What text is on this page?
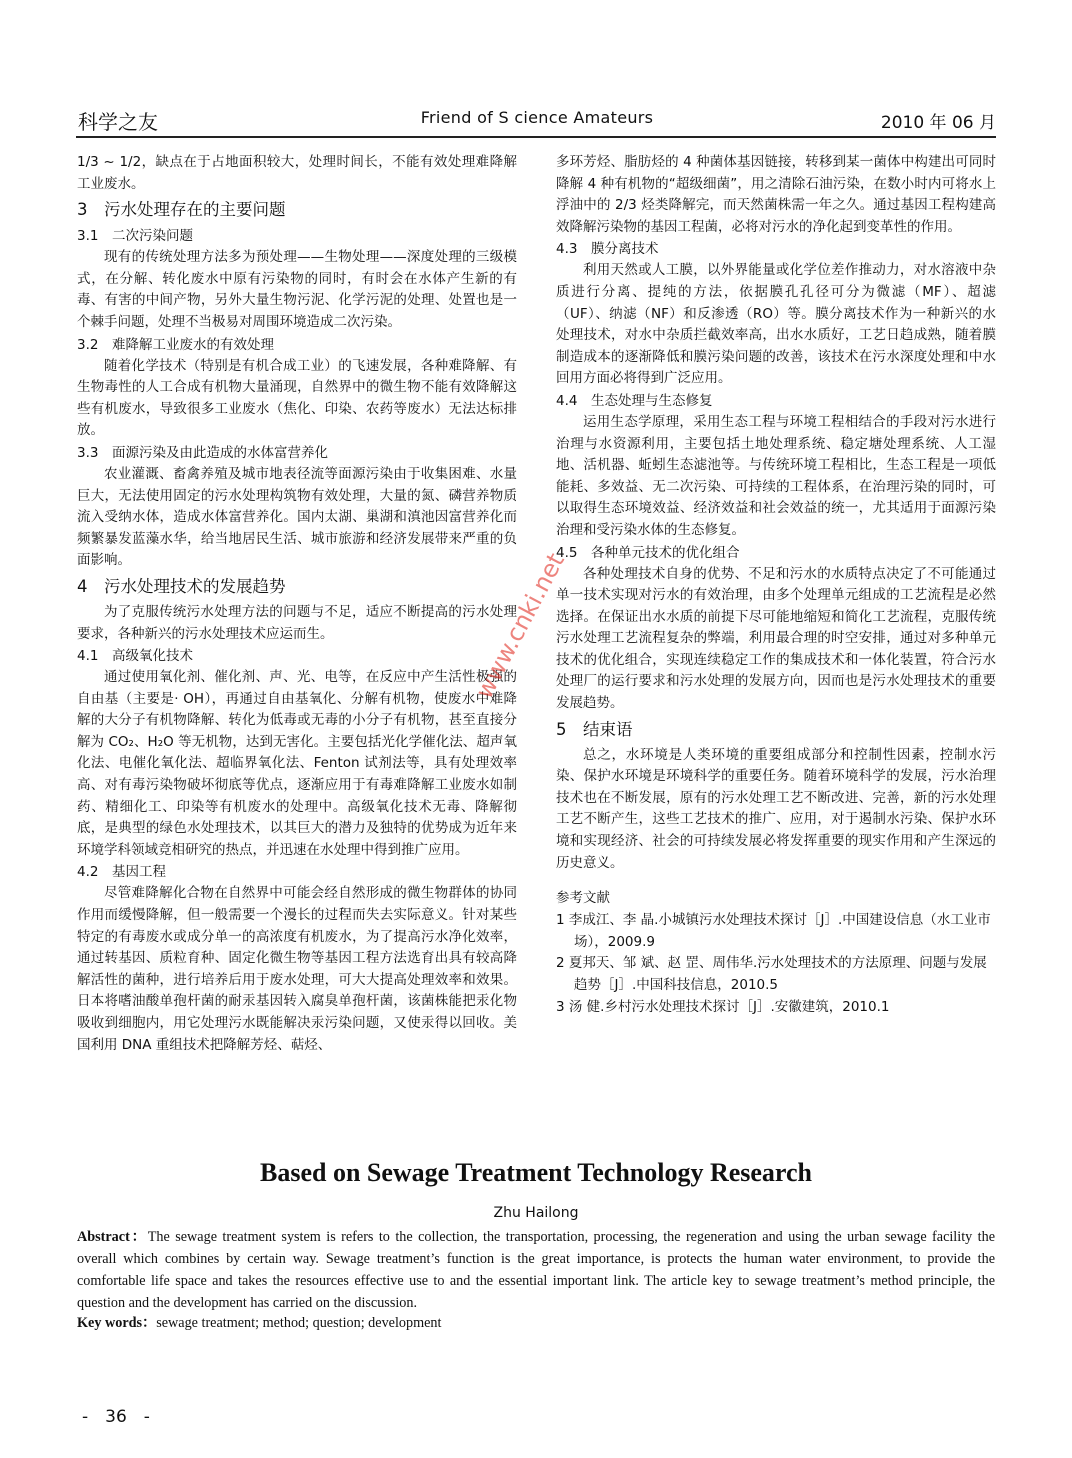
科学之友	Friend of S cience Amateurs	2010 年 06 月

1/3 ~ 1/2，缺点在于占地面积较大，处理时间长，不能有效处理难降解工业废水。

3　污水处理存在的主要问题
3.1　二次污染问题

现有的传统处理方法多为预处理——生物处理——深度处理的三级模式，在分解、转化废水中原有污染物的同时，有时会在水体产生新的有毒、有害的中间产物，另外大量生物污泥、化学污泥的处理、处置也是一个棘手问题，处理不当极易对周围环境造成二次污染。

3.2　难降解工业废水的有效处理

随着化学技术（特别是有机合成工业）的飞速发展，各种难降解、有生物毒性的人工合成有机物大量涌现，自然界中的微生物不能有效降解这些有机废水，导致很多工业废水（焦化、印染、农药等废水）无法达标排放。

3.3　面源污染及由此造成的水体富营养化

农业灌溉、畜禽养殖及城市地表径流等面源污染由于收集困难、水量巨大，无法使用固定的污水处理构筑物有效处理，大量的氮、磷营养物质流入受纳水体，造成水体富营养化。国内太湖、巢湖和滇池因富营养化而频繁暴发蓝藻水华，给当地居民生活、城市旅游和经济发展带来严重的负面影响。

4　污水处理技术的发展趋势

为了克服传统污水处理方法的问题与不足，适应不断提高的污水处理要求，各种新兴的污水处理技术应运而生。

4.1　高级氧化技术

通过使用氧化剂、催化剂、声、光、电等，在反应中产生活性极强的自由基（主要是· OH），再通过自由基氧化、分解有机物，使废水中难降解的大分子有机物降解、转化为低毒或无毒的小分子有机物，甚至直接分解为 CO₂、H₂O 等无机物，达到无害化。主要包括光化学催化法、超声氧化法、电催化氧化法、超临界氧化法、Fenton 试剂法等，具有处理效率高、对有毒污染物破坏彻底等优点，逐渐应用于有毒难降解工业废水如制药、精细化工、印染等有机废水的处理中。高级氧化技术无毒、降解彻底，是典型的绿色水处理技术，以其巨大的潜力及独特的优势成为近年来环境学科领域竞相研究的热点，并迅速在水处理中得到推广应用。

4.2　基因工程

尽管难降解化合物在自然界中可能会经自然形成的微生物群体的协同作用而缓慢降解，但一般需要一个漫长的过程而失去实际意义。针对某些特定的有毒废水或成分单一的高浓度有机废水，为了提高污水净化效率，通过转基因、质粒育种、固定化微生物等基因工程方法选育出具有较高降解活性的菌种，进行培养后用于废水处理，可大大提高处理效率和效果。日本将嗜油酸单孢杆菌的耐汞基因转入腐臭单孢杆菌，该菌株能把汞化物吸收到细胞内，用它处理污水既能解决汞污染问题，又使汞得以回收。美国利用 DNA 重组技术把降解芳烃、萜烃、

多环芳烃、脂肪烃的 4 种菌体基因链接，转移到某一菌体中构建出可同时降解 4 种有机物的“超级细菌”，用之清除石油污染，在数小时内可将水上浮油中的 2/3 烃类降解完，而天然菌株需一年之久。通过基因工程构建高效降解污染物的基因工程菌，必将对污水的净化起到变革性的作用。

4.3　膜分离技术

利用天然或人工膜，以外界能量或化学位差作推动力，对水溶液中杂质进行分离、提纯的方法，依据膜孔孔径可分为微滤（MF）、超滤（UF）、纳滤（NF）和反渗透（RO）等。膜分离技术作为一种新兴的水处理技术，对水中杂质拦截效率高，出水水质好，工艺日趋成熟，随着膜制造成本的逐渐降低和膜污染问题的改善，该技术在污水深度处理和中水回用方面必将得到广泛应用。

4.4　生态处理与生态修复

运用生态学原理，采用生态工程与环境工程相结合的手段对污水进行治理与水资源利用，主要包括土地处理系统、稳定塘处理系统、人工湿地、活机器、蚯蚓生态滤池等。与传统环境工程相比，生态工程是一项低能耗、多效益、无二次污染、可持续的工程体系，在治理污染的同时，可以取得生态环境效益、经济效益和社会效益的统一，尤其适用于面源污染治理和受污染水体的生态修复。

4.5　各种单元技术的优化组合

各种处理技术自身的优势、不足和污水的水质特点决定了不可能通过单一技术实现对污水的有效治理，由多个处理单元组成的工艺流程是必然选择。在保证出水水质的前提下尽可能地缩短和简化工艺流程，克服传统污水处理工艺流程复杂的弊端，利用最合理的时空安排，通过对多种单元技术的优化组合，实现连续稳定工作的集成技术和一体化装置，符合污水处理厂的运行要求和污水处理的发展方向，因而也是污水处理技术的重要发展趋势。

5　结束语

总之，水环境是人类环境的重要组成部分和控制性因素，控制水污染、保护水环境是环境科学的重要任务。随着环境科学的发展，污水治理技术也在不断发展，原有的污水处理工艺不断改进、完善，新的污水处理工艺不断产生，这些工艺技术的推广、应用，对于遏制水污染、保护水环境和实现经济、社会的可持续发展必将发挥重要的现实作用和产生深远的历史意义。

参考文献

1 李成江、李 晶.小城镇污水处理技术探讨［J］.中国建设信息（水工业市场），2009.9

2 夏邦天、邹 斌、赵 罡、周伟华.污水处理技术的方法原理、问题与发展趋势［J］.中国科技信息，2010.5

3 汤 健.乡村污水处理技术探讨［J］.安徽建筑，2010.1

Based on Sewage Treatment Technology Research
Zhu Hailong
Abstract：The sewage treatment system is refers to the collection, the transportation, processing, the regeneration and using the urban sewage facility the overall which combines by certain way. Sewage treatment’s function is the great importance, is protects the human water environment, to provide the comfortable life space and takes the resources effective use to and the essential important link. The article key to sewage treatment’s method principle, the question and the development has carried on the discussion.
Key words：sewage treatment; method; question; development
-　36　-
www.cnki.net
